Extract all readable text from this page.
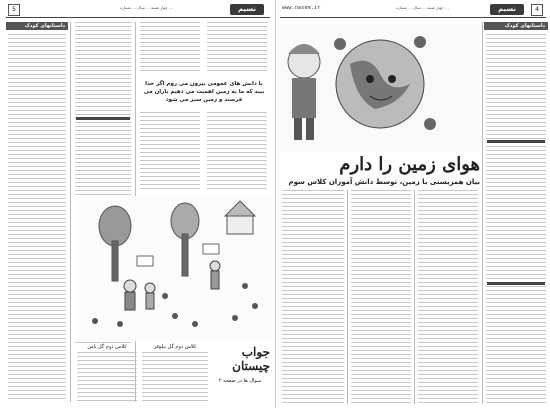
5	چهار شنبه ... سال ... شماره ...	نسیم
داستانهای کودک
با دانش های عمومی بیرون می روم اگر خدا بیند که ما به زمین اهمیت می دهیم باران می فرستد و زمین سبز می شود
کلاس دوم گل یاس	کلاس دوم گل نیلوفر	جواب چیستان
سوال ها در صفحه ۲
www.nasem.ir	چهار شنبه ... سال ... شماره ...	نسیم	4
داستانهای کودک
هوای زمین را دارم
بیان همزیستی با زمین، توسط دانش آموزان کلاس سوم
